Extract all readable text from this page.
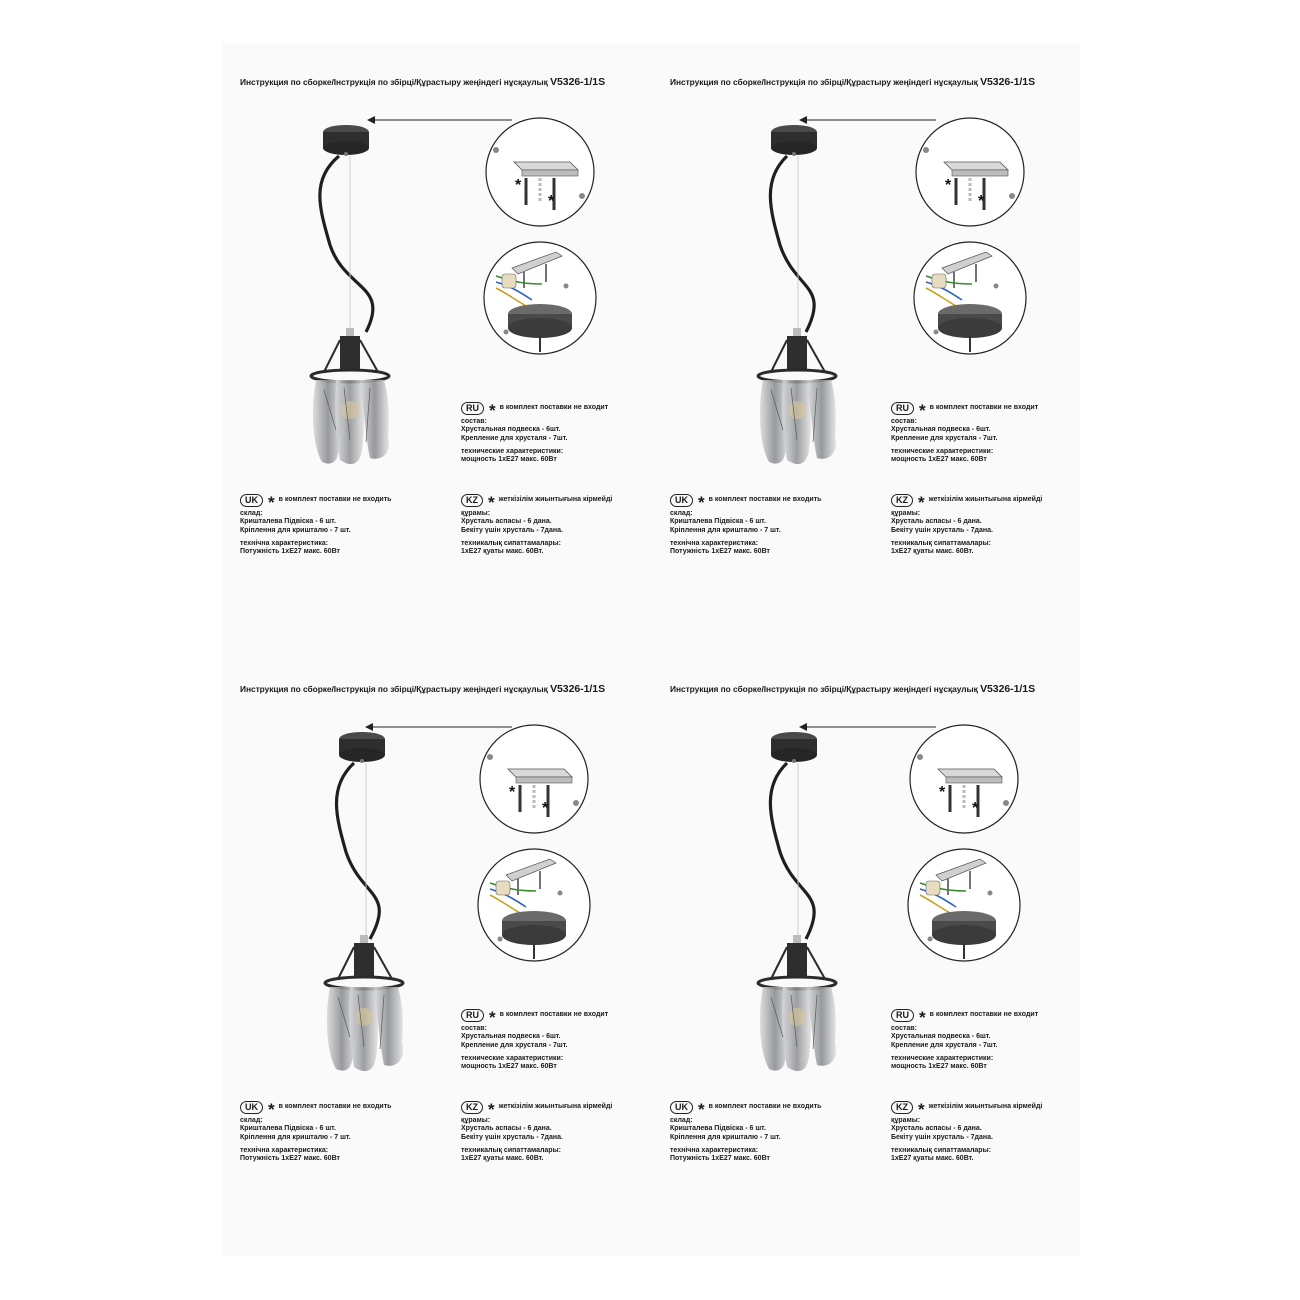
Инструкция по сборке/Інструкція по збірці/Құрастыру жеңіндегі нұсқаулық V5326-1/1S
*
*
RU * в комплект поставки не входит
состав:
Хрустальная подвеска - 6шт.
Крепление для хрусталя - 7шт.
технические характеристики:
мощность 1хЕ27 макс. 60Вт
UK * в комплект поставки не входить
склад:
Кришталева Підвіска - 6 шт.
Кріплення для кришталю - 7 шт.
технічна характеристика:
Потужність 1хЕ27 макс. 60Вт
KZ * жеткізілім жиынтығына кірмейді
құрамы:
Хрусталь аспасы - 6 дана.
Бекіту үшін хрусталь - 7дана.
техникалық сипаттамалары:
1хЕ27 қуаты макс. 60Вт.
Инструкция по сборке/Інструкція по збірці/Құрастыру жеңіндегі нұсқаулық V5326-1/1S
*
*
RU * в комплект поставки не входит
состав:
Хрустальная подвеска - 6шт.
Крепление для хрусталя - 7шт.
технические характеристики:
мощность 1хЕ27 макс. 60Вт
UK * в комплект поставки не входить
склад:
Кришталева Підвіска - 6 шт.
Кріплення для кришталю - 7 шт.
технічна характеристика:
Потужність 1хЕ27 макс. 60Вт
KZ * жеткізілім жиынтығына кірмейді
құрамы:
Хрусталь аспасы - 6 дана.
Бекіту үшін хрусталь - 7дана.
техникалық сипаттамалары:
1хЕ27 қуаты макс. 60Вт.
Инструкция по сборке/Інструкція по збірці/Құрастыру жеңіндегі нұсқаулық V5326-1/1S
*
*
RU * в комплект поставки не входит
состав:
Хрустальная подвеска - 6шт.
Крепление для хрусталя - 7шт.
технические характеристики:
мощность 1хЕ27 макс. 60Вт
UK * в комплект поставки не входить
склад:
Кришталева Підвіска - 6 шт.
Кріплення для кришталю - 7 шт.
технічна характеристика:
Потужність 1хЕ27 макс. 60Вт
KZ * жеткізілім жиынтығына кірмейді
құрамы:
Хрусталь аспасы - 6 дана.
Бекіту үшін хрусталь - 7дана.
техникалық сипаттамалары:
1хЕ27 қуаты макс. 60Вт.
Инструкция по сборке/Інструкція по збірці/Құрастыру жеңіндегі нұсқаулық V5326-1/1S
*
*
RU * в комплект поставки не входит
состав:
Хрустальная подвеска - 6шт.
Крепление для хрусталя - 7шт.
технические характеристики:
мощность 1хЕ27 макс. 60Вт
UK * в комплект поставки не входить
склад:
Кришталева Підвіска - 6 шт.
Кріплення для кришталю - 7 шт.
технічна характеристика:
Потужність 1хЕ27 макс. 60Вт
KZ * жеткізілім жиынтығына кірмейді
құрамы:
Хрусталь аспасы - 6 дана.
Бекіту үшін хрусталь - 7дана.
техникалық сипаттамалары:
1хЕ27 қуаты макс. 60Вт.
